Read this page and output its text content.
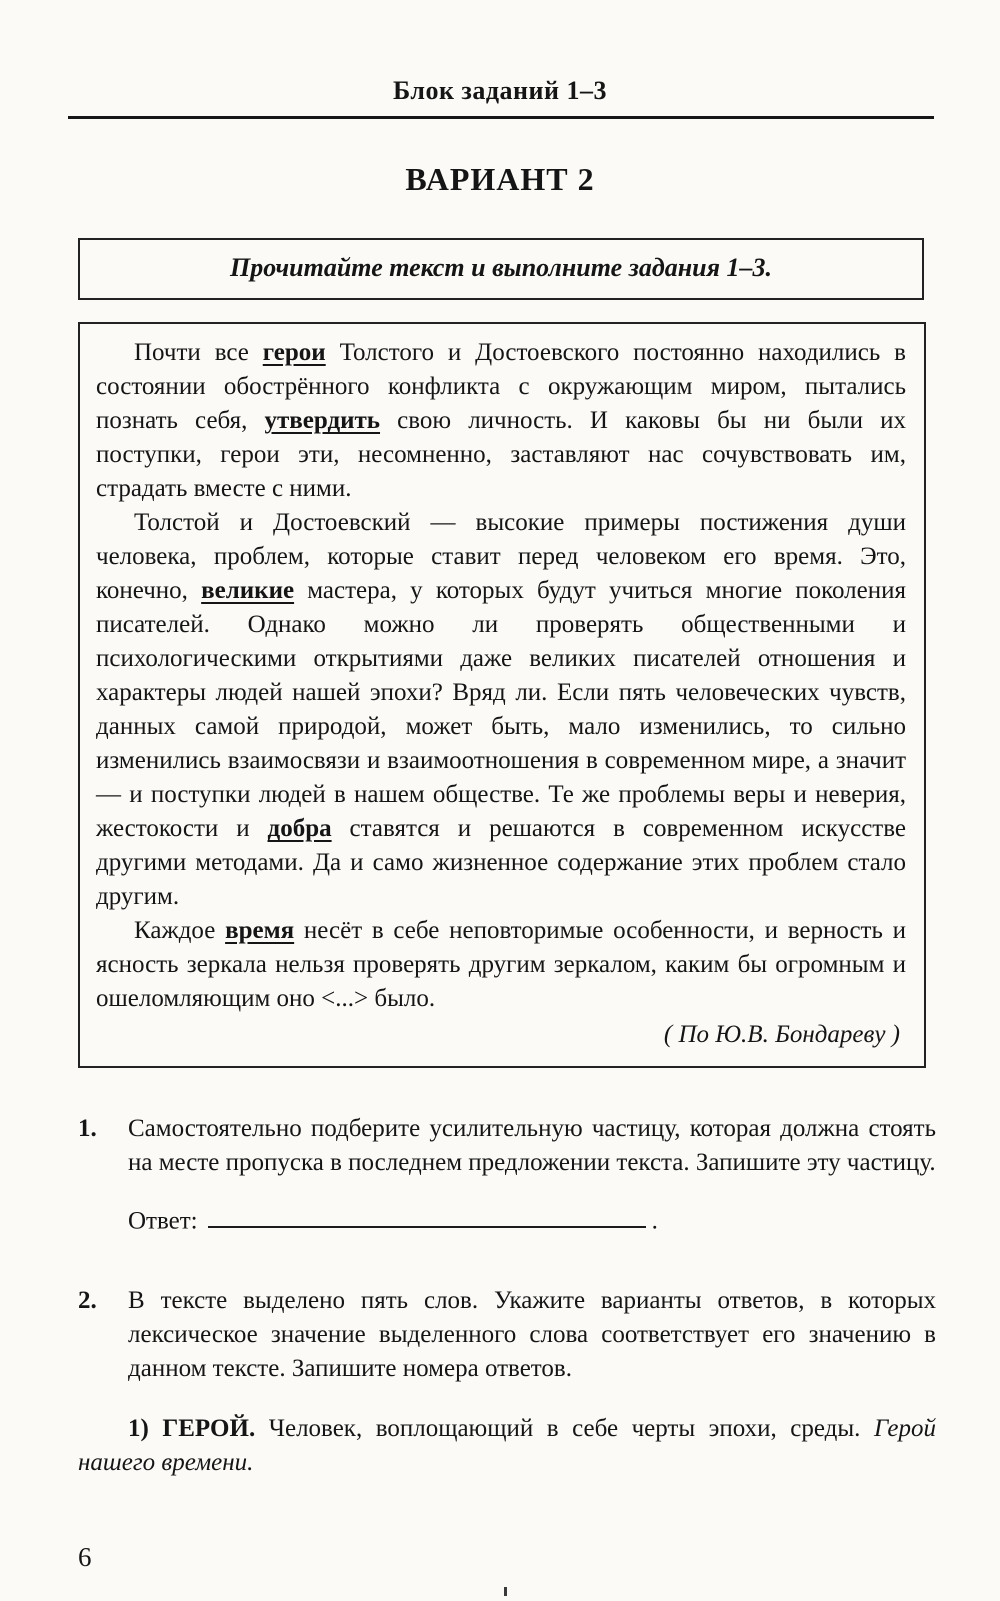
Блок заданий 1–3
ВАРИАНТ 2
Прочитайте текст и выполните задания 1–3.

Почти все герои Толстого и Достоевского постоянно находились в состоянии обострённого конфликта с окружающим миром, пытались познать себя, утвердить свою личность. И каковы бы ни были их поступки, герои эти, несомненно, заставляют нас сочувствовать им, страдать вместе с ними.

Толстой и Достоевский — высокие примеры постижения души человека, проблем, которые ставит перед человеком его время. Это, конечно, великие мастера, у которых будут учиться многие поколения писателей. Однако можно ли проверять общественными и психологическими открытиями даже великих писателей отношения и характеры людей нашей эпохи? Вряд ли. Если пять человеческих чувств, данных самой природой, может быть, мало изменились, то сильно изменились взаимосвязи и взаимоотношения в современном мире, а значит — и поступки людей в нашем обществе. Те же проблемы веры и неверия, жестокости и добра ставятся и решаются в современном искусстве другими методами. Да и само жизненное содержание этих проблем стало другим.

Каждое время несёт в себе неповторимые особенности, и верность и ясность зеркала нельзя проверять другим зеркалом, каким бы огромным и ошеломляющим оно <...> было.

( По Ю.В. Бондареву )
1.	Самостоятельно подберите усилительную частицу, которая должна стоять на месте пропуска в последнем предложении текста. Запишите эту частицу.

Ответ:	.
2.	В тексте выделено пять слов. Укажите варианты ответов, в которых лексическое значение выделенного слова соответствует его значению в данном тексте. Запишите номера ответов.

1) ГЕРОЙ. Человек, воплощающий в себе черты эпохи, среды. Герой нашего времени.

6
